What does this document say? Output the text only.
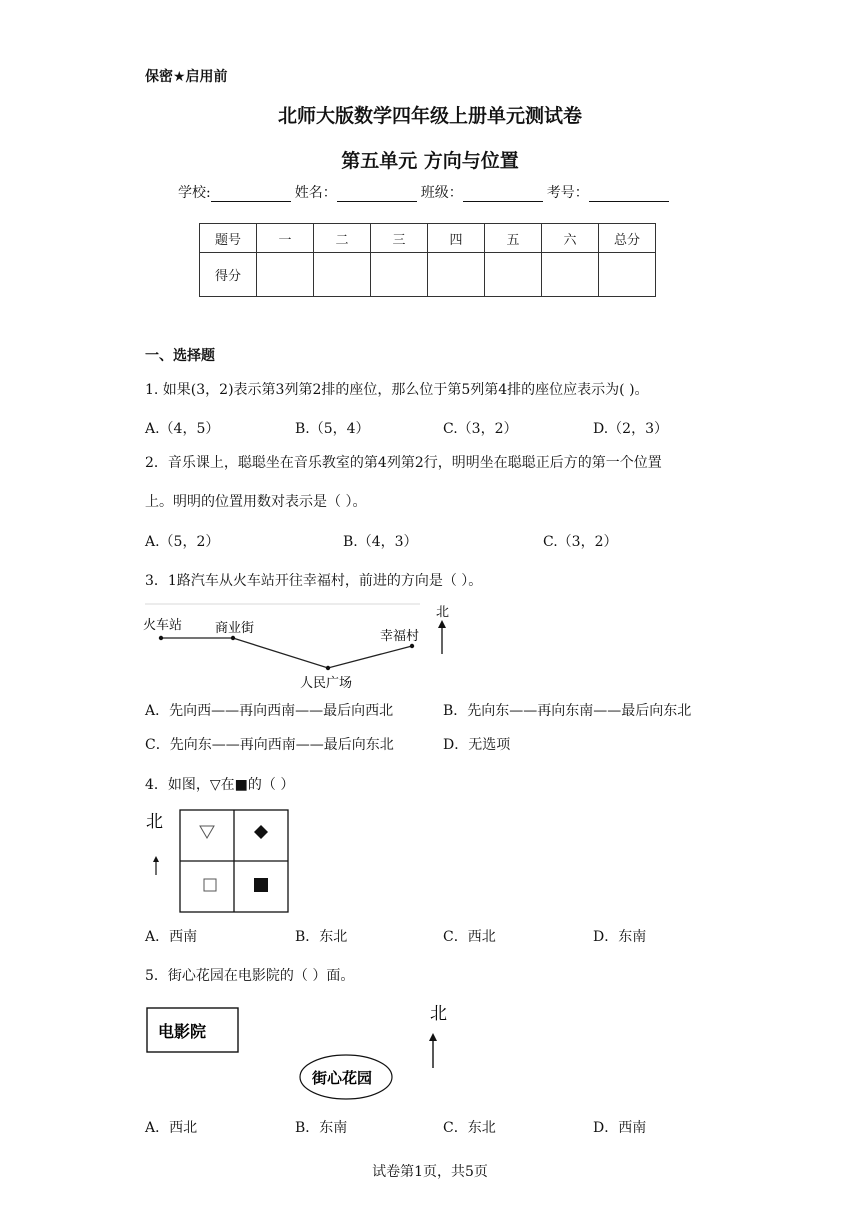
保密★启用前
北师大版数学四年级上册单元测试卷
第五单元 方向与位置
学校:	姓名：	班级：	考号：
题号	一	二	三	四	五	六	总分
得分							
一、选择题
1. 如果(3，2)表示第3列第2排的座位，那么位于第5列第4排的座位应表示为( )。
A.（4，5）	B.（5，4）	C.（3，2）	D.（2，3）
2．音乐课上，聪聪坐在音乐教室的第4列第2行，明明坐在聪聪正后方的第一个位置
上。明明的位置用数对表示是（ ）。
A.（5，2）	B.（4，3）	C.（3，2）
3．1路汽车从火车站开往幸福村，前进的方向是（ ）。
火车站	商业街
人民广场
幸福村
北
A．先向西——再向西南——最后向西北	B．先向东——再向东南——最后向东北
C．先向东——再向西南——最后向东北	D．无选项
4．如图，▽在■的（ ）
北
A．西南	B．东北	C．西北	D．东南
5．街心花园在电影院的（ ）面。
电影院
街心花园
北
A．西北	B．东南	C．东北	D．西南
试卷第1页，共5页
